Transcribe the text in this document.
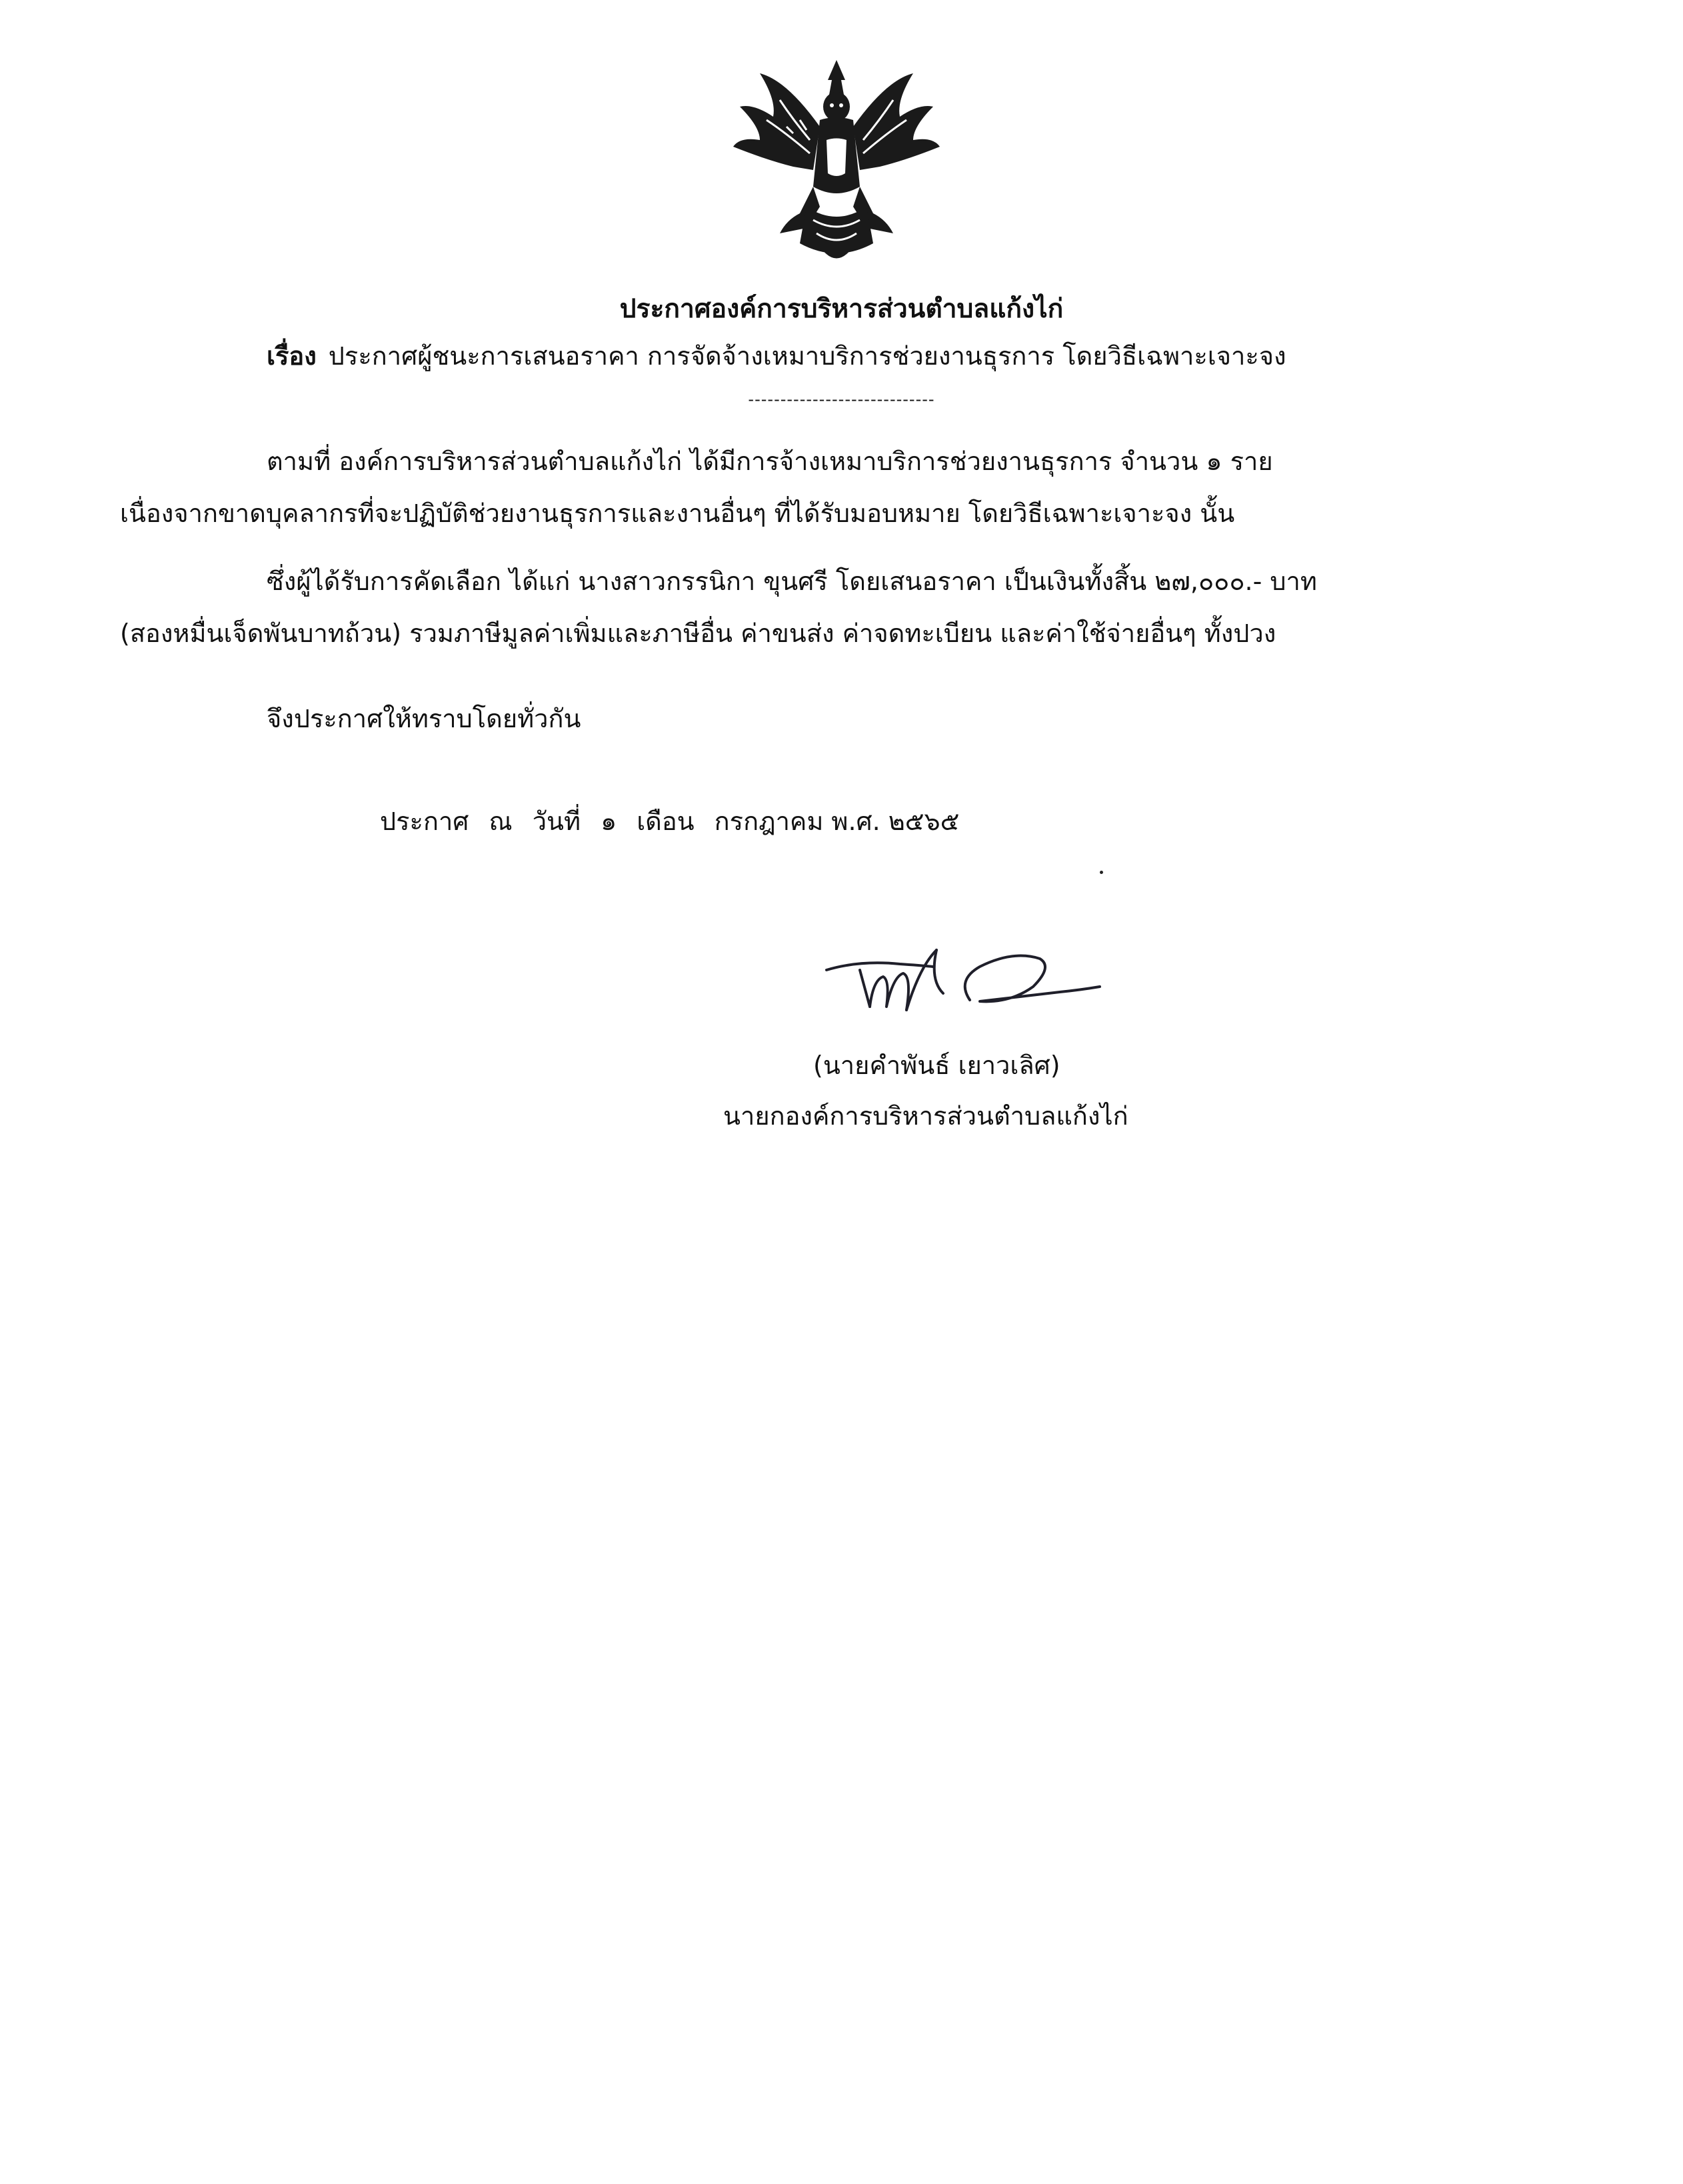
ประกาศองค์การบริหารส่วนตำบลแก้งไก่

เรื่อง ประกาศผู้ชนะการเสนอราคา การจัดจ้างเหมาบริการช่วยงานธุรการ โดยวิธีเฉพาะเจาะจง

-----------------------------

ตามที่ องค์การบริหารส่วนตำบลแก้งไก่ ได้มีการจ้างเหมาบริการช่วยงานธุรการ จำนวน ๑ ราย

เนื่องจากขาดบุคลากรที่จะปฏิบัติช่วยงานธุรการและงานอื่นๆ ที่ได้รับมอบหมาย โดยวิธีเฉพาะเจาะจง นั้น

ซึ่งผู้ได้รับการคัดเลือก ได้แก่ นางสาวกรรนิกา ขุนศรี โดยเสนอราคา เป็นเงินทั้งสิ้น ๒๗,๐๐๐.- บาท

(สองหมื่นเจ็ดพันบาทถ้วน) รวมภาษีมูลค่าเพิ่มและภาษีอื่น ค่าขนส่ง ค่าจดทะเบียน และค่าใช้จ่ายอื่นๆ ทั้งปวง

จึงประกาศให้ทราบโดยทั่วกัน

ประกาศ ณ วันที่ ๑ เดือน กรกฎาคม พ.ศ. ๒๕๖๕

(นายคำพันธ์ เยาวเลิศ)

นายกองค์การบริหารส่วนตำบลแก้งไก่
